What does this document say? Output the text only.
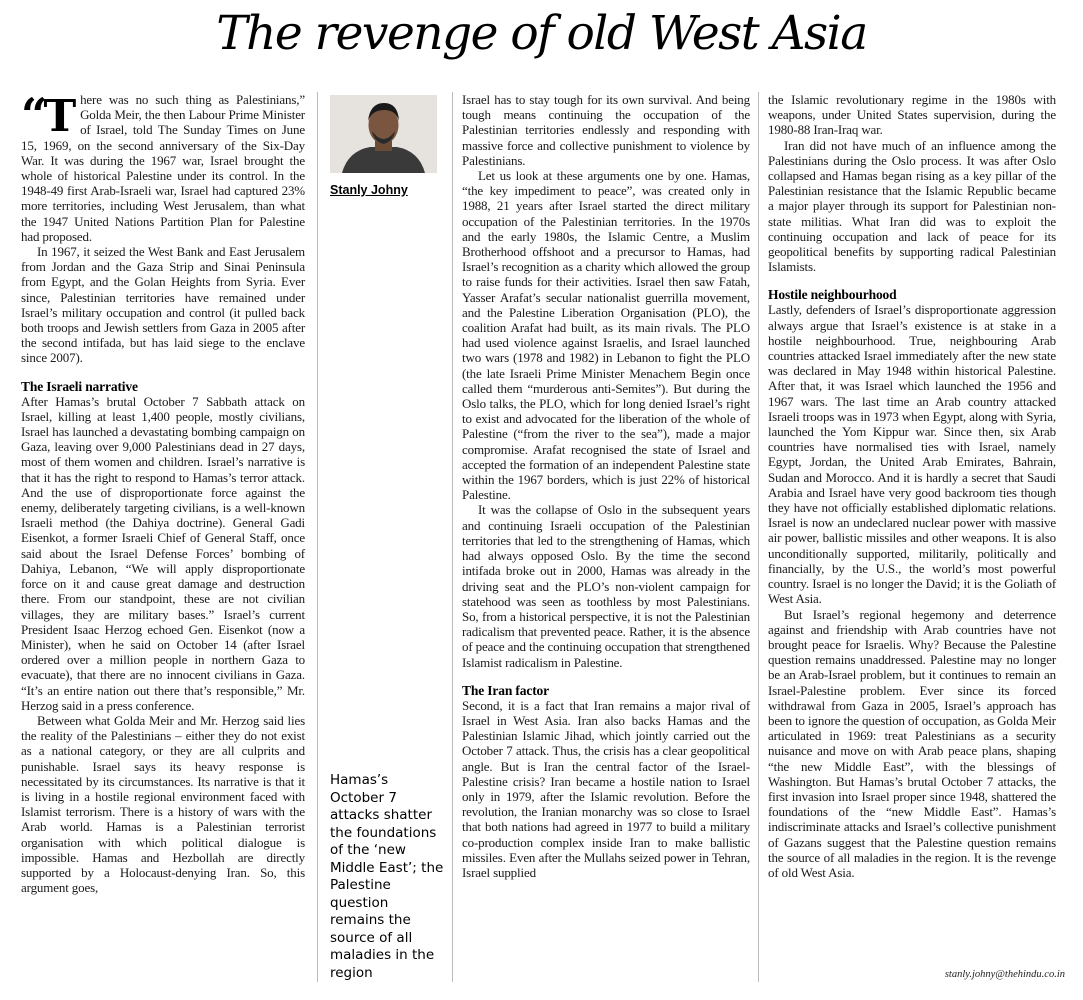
The revenge of old West Asia

“T here was no such thing as Palestinians,” Golda Meir, the then Labour Prime Minister of Israel, told The Sunday Times on June 15, 1969, on the second anniversary of the Six-Day War. It was during the 1967 war, Israel brought the whole of historical Palestine under its control. In the 1948-49 first Arab-Israeli war, Israel had captured 23% more territories, including West Jerusalem, than what the 1947 United Nations Partition Plan for Palestine had proposed.

In 1967, it seized the West Bank and East Jerusalem from Jordan and the Gaza Strip and Sinai Peninsula from Egypt, and the Golan Heights from Syria. Ever since, Palestinian territories have remained under Israel’s military occupation and control (it pulled back both troops and Jewish settlers from Gaza in 2005 after the second intifada, but has laid siege to the enclave since 2007).

The Israeli narrative

After Hamas’s brutal October 7 Sabbath attack on Israel, killing at least 1,400 people, mostly civilians, Israel has launched a devastating bombing campaign on Gaza, leaving over 9,000 Palestinians dead in 27 days, most of them women and children. Israel’s narrative is that it has the right to respond to Hamas’s terror attack. And the use of disproportionate force against the enemy, deliberately targeting civilians, is a well-known Israeli method (the Dahiya doctrine). General Gadi Eisenkot, a former Israeli Chief of General Staff, once said about the Israel Defense Forces’ bombing of Dahiya, Lebanon, “We will apply disproportionate force on it and cause great damage and destruction there. From our standpoint, these are not civilian villages, they are military bases.” Israel’s current President Isaac Herzog echoed Gen. Eisenkot (now a Minister), when he said on October 14 (after Israel ordered over a million people in northern Gaza to evacuate), that there are no innocent civilians in Gaza. “It’s an entire nation out there that’s responsible,” Mr. Herzog said in a press conference.

Between what Golda Meir and Mr. Herzog said lies the reality of the Palestinians – either they do not exist as a national category, or they are all culprits and punishable. Israel says its heavy response is necessitated by its circumstances. Its narrative is that it is living in a hostile regional environment faced with Islamist terrorism. There is a history of wars with the Arab world. Hamas is a Palestinian terrorist organisation with which political dialogue is impossible. Hamas and Hezbollah are directly supported by a Holocaust-denying Iran. So, this argument goes,

Stanly Johny
Hamas’s October 7 attacks shatter the foundations of the ‘new Middle East’; the Palestine question remains the source of all maladies in the region

Israel has to stay tough for its own survival. And being tough means continuing the occupation of the Palestinian territories endlessly and responding with massive force and collective punishment to violence by Palestinians.

Let us look at these arguments one by one. Hamas, “the key impediment to peace”, was created only in 1988, 21 years after Israel started the direct military occupation of the Palestinian territories. In the 1970s and the early 1980s, the Islamic Centre, a Muslim Brotherhood offshoot and a precursor to Hamas, had Israel’s recognition as a charity which allowed the group to raise funds for their activities. Israel then saw Fatah, Yasser Arafat’s secular nationalist guerrilla movement, and the Palestine Liberation Organisation (PLO), the coalition Arafat had built, as its main rivals. The PLO had used violence against Israelis, and Israel launched two wars (1978 and 1982) in Lebanon to fight the PLO (the late Israeli Prime Minister Menachem Begin once called them “murderous anti-Semites”). But during the Oslo talks, the PLO, which for long denied Israel’s right to exist and advocated for the liberation of the whole of Palestine (“from the river to the sea”), made a major compromise. Arafat recognised the state of Israel and accepted the formation of an independent Palestine state within the 1967 borders, which is just 22% of historical Palestine.

It was the collapse of Oslo in the subsequent years and continuing Israeli occupation of the Palestinian territories that led to the strengthening of Hamas, which had always opposed Oslo. By the time the second intifada broke out in 2000, Hamas was already in the driving seat and the PLO’s non-violent campaign for statehood was seen as toothless by most Palestinians. So, from a historical perspective, it is not the Palestinian radicalism that prevented peace. Rather, it is the absence of peace and the continuing occupation that strengthened Islamist radicalism in Palestine.

The Iran factor

Second, it is a fact that Iran remains a major rival of Israel in West Asia. Iran also backs Hamas and the Palestinian Islamic Jihad, which jointly carried out the October 7 attack. Thus, the crisis has a clear geopolitical angle. But is Iran the central factor of the Israel-Palestine crisis? Iran became a hostile nation to Israel only in 1979, after the Islamic revolution. Before the revolution, the Iranian monarchy was so close to Israel that both nations had agreed in 1977 to build a military co-production complex inside Iran to make ballistic missiles. Even after the Mullahs seized power in Tehran, Israel supplied

the Islamic revolutionary regime in the 1980s with weapons, under United States supervision, during the 1980-88 Iran-Iraq war.

Iran did not have much of an influence among the Palestinians during the Oslo process. It was after Oslo collapsed and Hamas began rising as a key pillar of the Palestinian resistance that the Islamic Republic became a major player through its support for Palestinian non-state militias. What Iran did was to exploit the continuing occupation and lack of peace for its geopolitical benefits by supporting radical Palestinian Islamists.

Hostile neighbourhood

Lastly, defenders of Israel’s disproportionate aggression always argue that Israel’s existence is at stake in a hostile neighbourhood. True, neighbouring Arab countries attacked Israel immediately after the new state was declared in May 1948 within historical Palestine. After that, it was Israel which launched the 1956 and 1967 wars. The last time an Arab country attacked Israeli troops was in 1973 when Egypt, along with Syria, launched the Yom Kippur war. Since then, six Arab countries have normalised ties with Israel, namely Egypt, Jordan, the United Arab Emirates, Bahrain, Sudan and Morocco. And it is hardly a secret that Saudi Arabia and Israel have very good backroom ties though they have not officially established diplomatic relations. Israel is now an undeclared nuclear power with massive air power, ballistic missiles and other weapons. It is also unconditionally supported, militarily, politically and financially, by the U.S., the world’s most powerful country. Israel is no longer the David; it is the Goliath of West Asia.

But Israel’s regional hegemony and deterrence against and friendship with Arab countries have not brought peace for Israelis. Why? Because the Palestine question remains unaddressed. Palestine may no longer be an Arab-Israel problem, but it continues to remain an Israel-Palestine problem. Ever since its forced withdrawal from Gaza in 2005, Israel’s approach has been to ignore the question of occupation, as Golda Meir articulated in 1969: treat Palestinians as a security nuisance and move on with Arab peace plans, shaping “the new Middle East”, with the blessings of Washington. But Hamas’s brutal October 7 attacks, the first invasion into Israel proper since 1948, shattered the foundations of the “new Middle East”. Hamas’s indiscriminate attacks and Israel’s collective punishment of Gazans suggest that the Palestine question remains the source of all maladies in the region. It is the revenge of old West Asia.

stanly.johny@thehindu.co.in
